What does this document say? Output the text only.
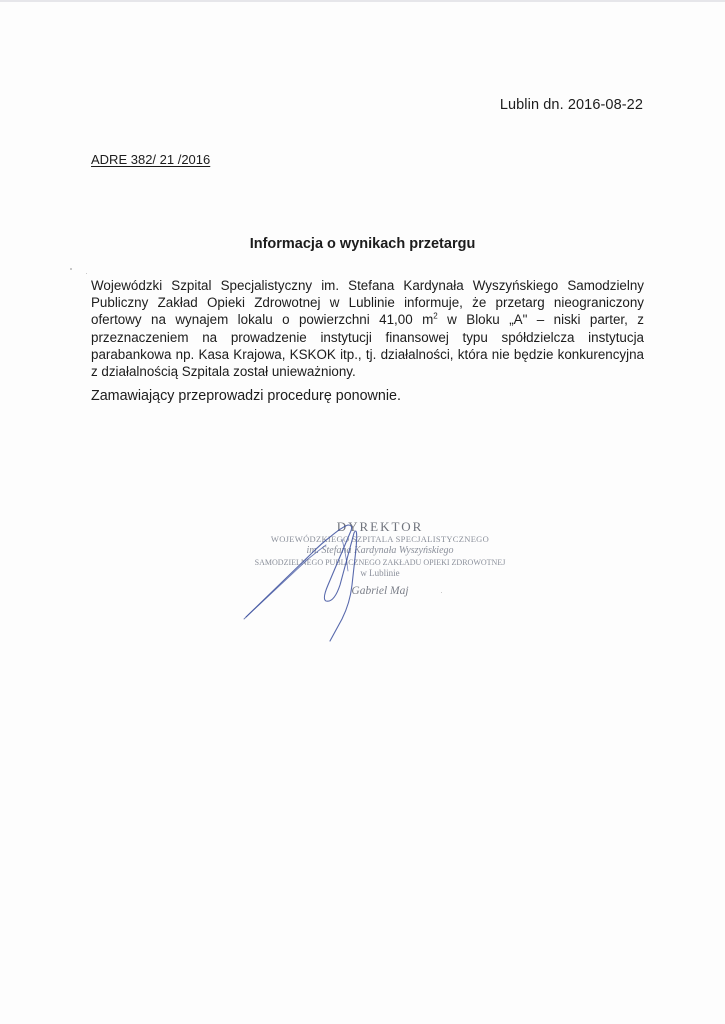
Lublin dn. 2016-08-22
ADRE 382/ 21 /2016
Informacja o wynikach przetargu

Wojewódzki Szpital Specjalistyczny im. Stefana Kardynała Wyszyńskiego Samodzielny Publiczny Zakład Opieki Zdrowotnej w Lublinie informuje, że przetarg nieograniczony ofertowy na wynajem lokalu o powierzchni 41,00 $m^2$ w Bloku „A" – niski parter, z przeznaczeniem na prowadzenie instytucji finansowej typu spółdzielcza instytucja parabankowa np. Kasa Krajowa, KSKOK itp., tj. działalności, która nie będzie konkurencyjna z działalnością Szpitala został unieważniony.

Zamawiający przeprowadzi procedurę ponownie.

DYREKTOR
WOJEWÓDZKIEGO SZPITALA SPECJALISTYCZNEGO
im. Stefana Kardynała Wyszyńskiego
SAMODZIELNEGO PUBLICZNEGO ZAKŁADU OPIEKI ZDROWOTNEJ
w Lublinie
Gabriel Maj
